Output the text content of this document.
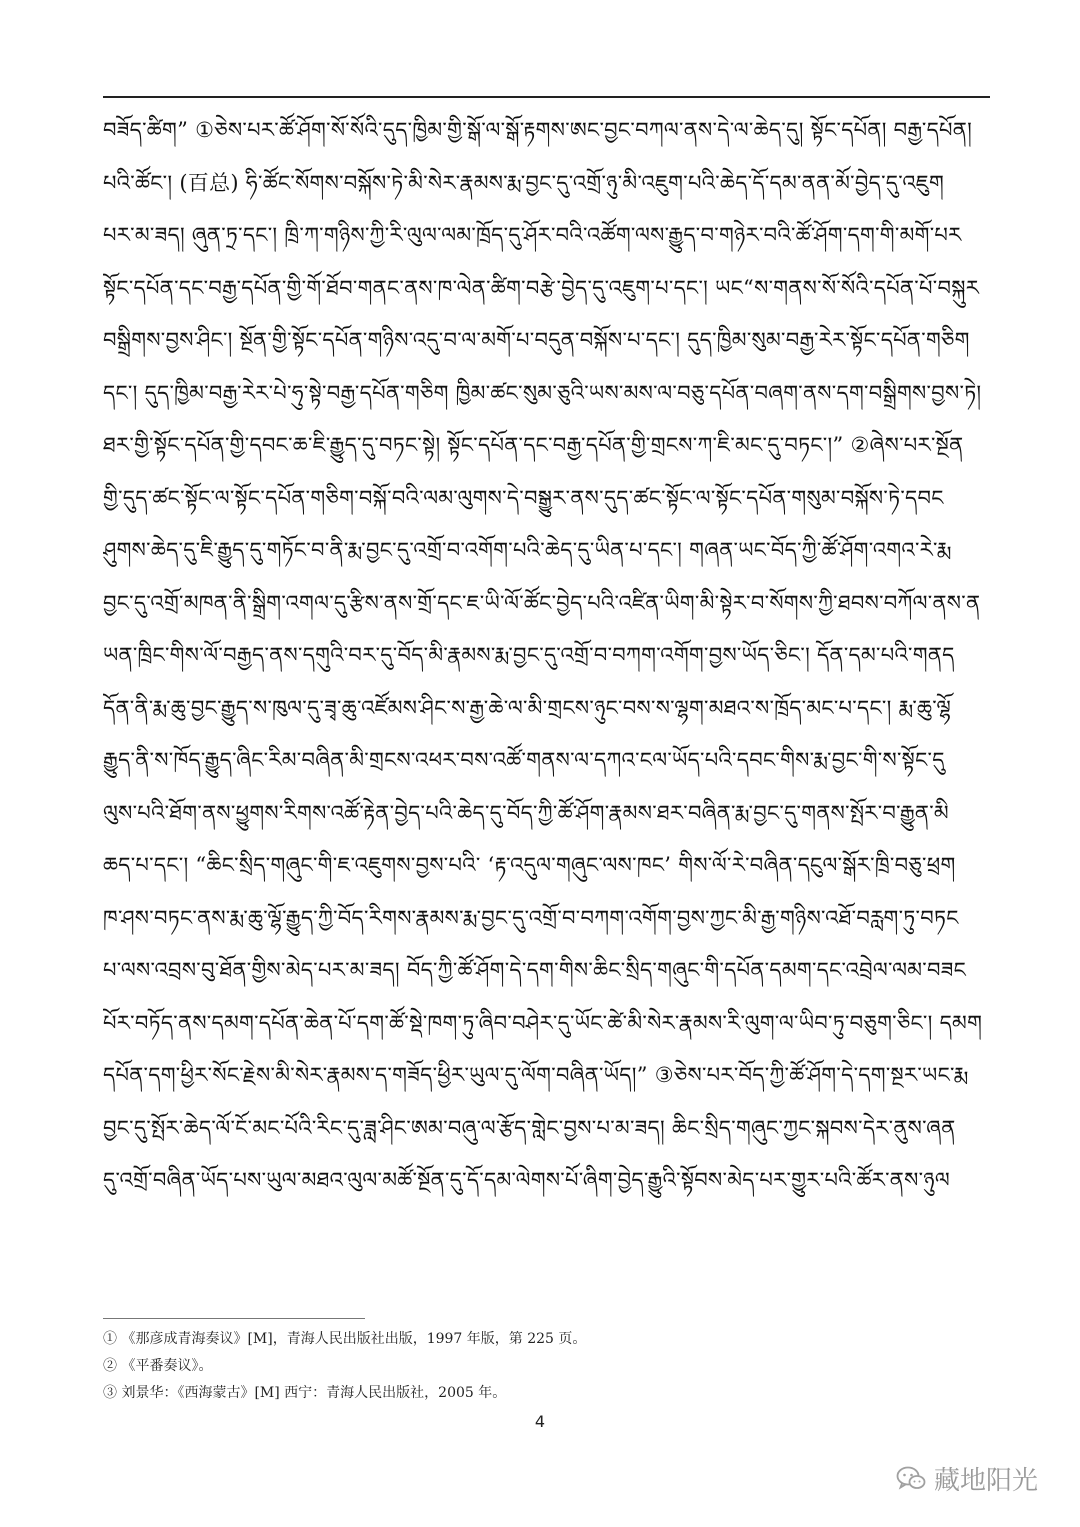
བཟོད་ཚིག” ①ཅེས་པར་ཚོ་ཤོག་སོ་སོའི་དུད་ཁྱིམ་གྱི་སྒོ་ལ་སྒོ་རྟགས་ཨང་བྱང་བཀལ་ནས་དེ་ལ་ཆེད་དུ། སྟོང་དཔོན། བརྒྱ་དཔོན།
པའི་ཚོང་། (百总) ཧི་ཚོང་སོགས་བསྐོས་ཏེ་མི་སེར་རྣམས་རྨ་བྱང་དུ་འགྲོ་ཉུ་མི་འཇུག་པའི་ཆེད་དོ་དམ་ནན་མོ་བྱེད་དུ་འཇུག
པར་མ་ཟད། ཞུན་ཏྲ་དང་། ཁྲི་ཀ་གཉིས་ཀྱི་རི་ལུལ་ལམ་ཁྲོད་དུ་ཤོར་བའི་འཚོག་ལས་རྒྱུད་བ་གཉེར་བའི་ཚོ་ཤོག་དག་གི་མགོ་པར
སྟོང་དཔོན་དང་བརྒྱ་དཔོན་གྱི་གོ་ཐོབ་གནང་ནས་ཁ་ལེན་ཚིག་བརྩེ་བྱེད་དུ་འཇུག་པ་དང་། ཡང“ས་གནས་སོ་སོའི་དཔོན་པོ་བསྐུར
བསྒྲིགས་བྱས་ཤིང་། སྔོན་གྱི་སྟོང་དཔོན་གཉིས་འདུ་བ་ལ་མགོ་པ་བདུན་བསྐོས་པ་དང་། དུད་ཁྱིམ་སུམ་བརྒྱ་རེར་སྟོང་དཔོན་གཅིག
དང་། དུད་ཁྱིམ་བརྒྱ་རེར་པེ་ཧུ་སྟེ་བརྒྱ་དཔོན་གཅིག ཁྱིམ་ཚང་སུམ་ཅུའི་ཡས་མས་ལ་བཅུ་དཔོན་བཞག་ནས་དག་བསྒྲིགས་བྱས་ཏེ།
ཐར་གྱི་སྟོང་དཔོན་གྱི་དབང་ཆ་ཇི་རྒྱུད་དུ་བཏང་སྟེ། སྟོང་དཔོན་དང་བརྒྱ་དཔོན་གྱི་གྲངས་ཀ་ཇི་མང་དུ་བཏང་།” ②ཞེས་པར་སྔོན
གྱི་དུད་ཚང་སྟོང་ལ་སྟོང་དཔོན་གཅིག་བསྐོ་བའི་ལམ་ལུགས་དེ་བསྒྱུར་ནས་དུད་ཚང་སྟོང་ལ་སྟོང་དཔོན་གསུམ་བསྐོས་ཏེ་དབང
ཤུགས་ཆེད་དུ་ཇི་རྒྱུད་དུ་གཏོང་བ་ནི་རྨ་བྱང་དུ་འགྲོ་བ་འགོག་པའི་ཆེད་དུ་ཡིན་པ་དང་། གཞན་ཡང་བོད་ཀྱི་ཚོ་ཤོག་འགའ་རེ་རྨ
བྱང་དུ་འགྲོ་མཁན་ནི་སྒྲིག་འགལ་དུ་རྩིས་ནས་གྲོ་དང་ཇ་ཡི་ལོ་ཚོང་བྱེད་པའི་འཛིན་ཡིག་མི་སྟེར་བ་སོགས་ཀྱི་ཐབས་བཀོལ་ནས་ན
ཡན་ཁྲིང་གིས་ལོ་བརྒྱད་ནས་དགུའི་བར་དུ་བོད་མི་རྣམས་རྨ་བྱང་དུ་འགྲོ་བ་བཀག་འགོག་བྱས་ཡོད་ཅིང་། དོན་དམ་པའི་གནད
དོན་ནི་རྨ་ཆུ་བྱང་རྒྱུད་ས་ཁུལ་དུ་ཟྭ་ཆུ་འཛོམས་ཤིང་ས་རྒྱ་ཆེ་ལ་མི་གྲངས་ཉུང་བས་ས་ལྷག་མཐའ་ས་ཁྲོད་མང་པ་དང་། རྨ་ཆུ་ལྷོ
རྒྱུད་ནི་ས་ཁོད་རྒྱུད་ཞིང་རིམ་བཞིན་མི་གྲངས་འཕར་བས་འཚོ་གནས་ལ་དཀའ་ངལ་ཡོད་པའི་དབང་གིས་རྨ་བྱང་གི་ས་སྟོང་དུ
ལུས་པའི་ཐོག་ནས་ཕྱུགས་རིགས་འཚོ་རྟེན་བྱེད་པའི་ཆེད་དུ་བོད་ཀྱི་ཚོ་ཤོག་རྣམས་ཐར་བཞིན་རྨ་བྱང་དུ་གནས་སྤོར་བ་རྒྱུན་མི
ཆད་པ་དང་། “ཆིང་སྲིད་གཞུང་གི་ཇ་འཇུགས་བྱས་པའི་ ‘རྟ་འདུལ་གཞུང་ལས་ཁང’ གིས་ལོ་རེ་བཞིན་དངུལ་སྒོར་ཁྲི་བཅུ་ཕྲག
ཁ་ཤས་བཏང་ནས་རྨ་ཆུ་ལྷོ་རྒྱུད་ཀྱི་བོད་རིགས་རྣམས་རྨ་བྱང་དུ་འགྲོ་བ་བཀག་འགོག་བྱས་ཀྱང་མི་རྒྱ་གཉིས་འཐོ་བརླག་ཏུ་བཏང
པ་ལས་འབྲས་བུ་ཐོན་གྱིས་མེད་པར་མ་ཟད། བོད་ཀྱི་ཚོ་ཤོག་དེ་དག་གིས་ཆིང་སྲིད་གཞུང་གི་དཔོན་དམག་དང་འབྲེལ་ལམ་བཟང
པོར་བཏོད་ནས་དམག་དཔོན་ཆེན་པོ་དག་ཚོ་སྡེ་ཁག་ཏུ་ཞིབ་བཤེར་དུ་ཡོང་ཚེ་མི་སེར་རྣམས་རི་ལུག་ལ་ཡིབ་ཏུ་བཅུག་ཅིང་། དམག
དཔོན་དག་ཕྱིར་སོང་རྗེས་མི་སེར་རྣམས་ད་གཟོད་ཕྱིར་ཡུལ་དུ་ལོག་བཞིན་ཡོད།” ③ཅེས་པར་བོད་ཀྱི་ཚོ་ཤོག་དེ་དག་སྔར་ཡང་རྨ
བྱང་དུ་སྤོར་ཆེད་ལོ་ངོ་མང་པོའི་རིང་དུ་ཟླ་ཤིང་ཨམ་བཞུ་ལ་རྩོད་གླེང་བྱས་པ་མ་ཟད། ཆིང་སྲིད་གཞུང་ཀྱང་སྐབས་དེར་ནུས་ཞན
དུ་འགྲོ་བཞིན་ཡོད་པས་ཡུལ་མཐའ་ལུལ་མཚོ་སྔོན་དུ་དོ་དམ་ལེགས་པོ་ཞིག་བྱེད་རྒྱུའི་སྟོབས་མེད་པར་གྱུར་པའི་ཚོར་ནས་ཉུལ
① 《那彦成青海奏议》[M]，青海人民出版社出版，1997 年版，第 225 页。
② 《平番奏议》。
③ 刘景华：《西海蒙古》[M] 西宁：青海人民出版社，2005 年。
4
藏地阳光
